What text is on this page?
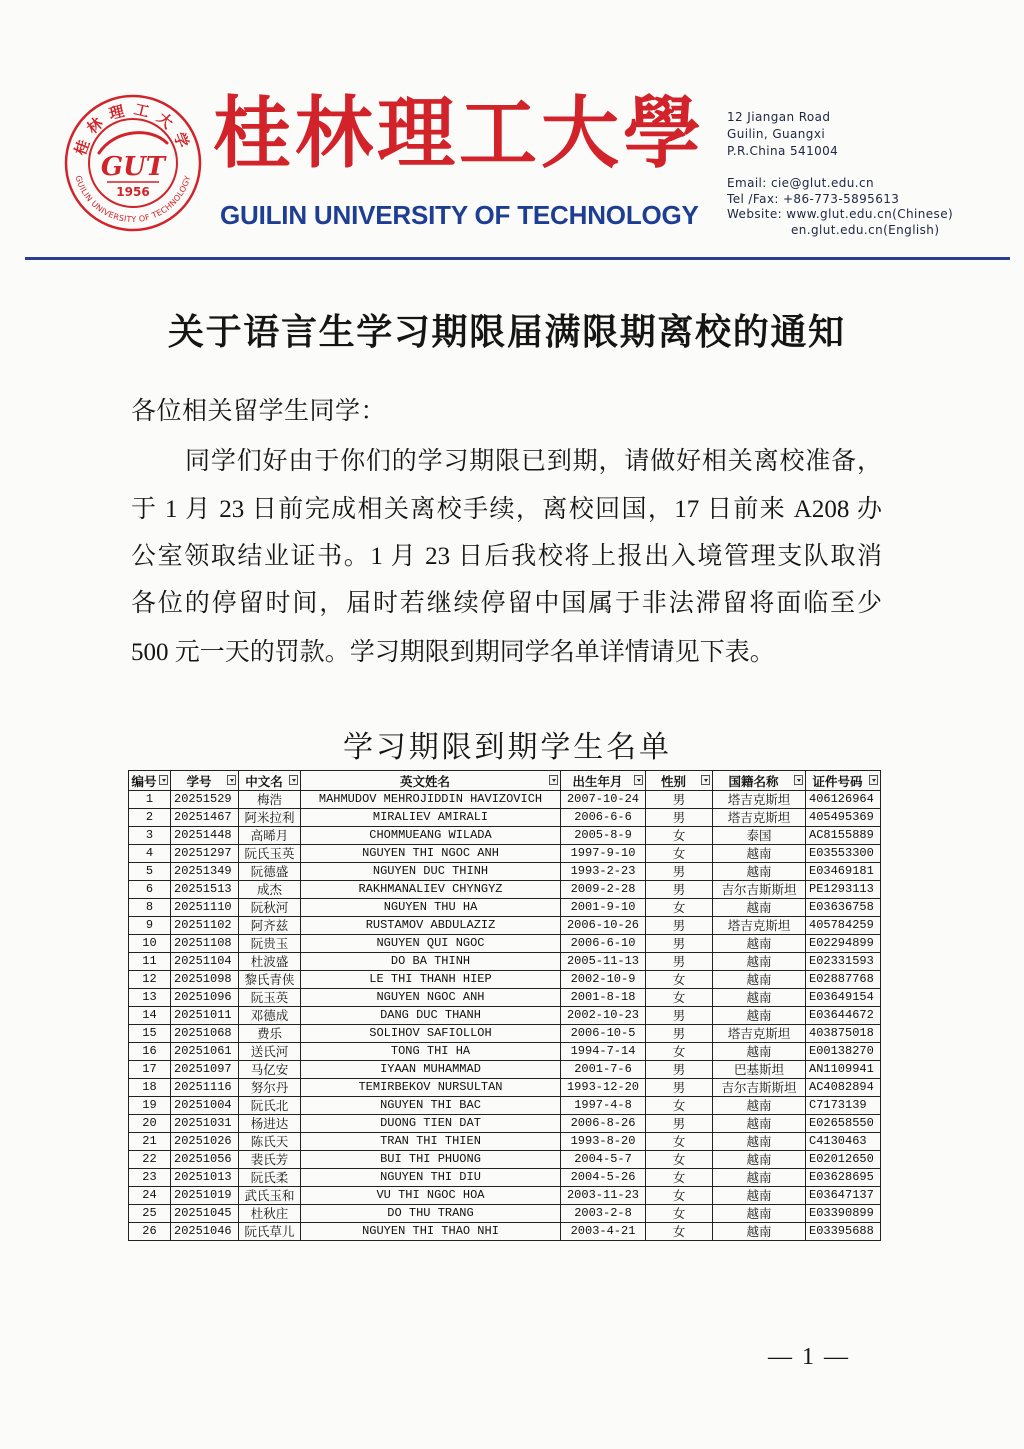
桂林理工大学
GUILIN UNIVERSITY OF TECHNOLOGY
GUT
1956
桂林理工大學
GUILIN UNIVERSITY OF TECHNOLOGY
12 Jiangan Road
Guilin, Guangxi
P.R.China 541004
Email: cie@glut.edu.cn
Tel /Fax: +86-773-5895613
Website: www.glut.edu.cn(Chinese)
en.glut.edu.cn(English)
关于语言生学习期限届满限期离校的通知
各位相关留学生同学：
同学们好由于你们的学习期限已到期，请做好相关离校准备，
于 1 月 23 日前完成相关离校手续，离校回国，17 日前来 A208 办
公室领取结业证书。1 月 23 日后我校将上报出入境管理支队取消
各位的停留时间，届时若继续停留中国属于非法滞留将面临至少
500 元一天的罚款。学习期限到期同学名单详情请见下表。
学习期限到期学生名单
编号	学号	中文名	英文姓名	出生年月	性别	国籍名称	证件号码

1	20251529	梅浩	MAHMUDOV MEHROJIDDIN HAVIZOVICH	2007-10-24	男	塔吉克斯坦	406126964
2	20251467	阿米拉利	MIRALIEV AMIRALI	2006-6-6	男	塔吉克斯坦	405495369
3	20251448	高晞月	CHOMMUEANG WILADA	2005-8-9	女	泰国	AC8155889
4	20251297	阮氏玉英	NGUYEN THI NGOC ANH	1997-9-10	女	越南	E03553300
5	20251349	阮德盛	NGUYEN DUC THINH	1993-2-23	男	越南	E03469181
6	20251513	成杰	RAKHMANALIEV CHYNGYZ	2009-2-28	男	吉尔吉斯斯坦	PE1293113
8	20251110	阮秋河	NGUYEN THU HA	2001-9-10	女	越南	E03636758
9	20251102	阿齐兹	RUSTAMOV ABDULAZIZ	2006-10-26	男	塔吉克斯坦	405784259
10	20251108	阮贵玉	NGUYEN QUI NGOC	2006-6-10	男	越南	E02294899
11	20251104	杜波盛	DO BA THINH	2005-11-13	男	越南	E02331593
12	20251098	黎氏青侠	LE THI THANH HIEP	2002-10-9	女	越南	E02887768
13	20251096	阮玉英	NGUYEN NGOC ANH	2001-8-18	女	越南	E03649154
14	20251011	邓德成	DANG DUC THANH	2002-10-23	男	越南	E03644672
15	20251068	费乐	SOLIHOV SAFIOLLOH	2006-10-5	男	塔吉克斯坦	403875018
16	20251061	送氏河	TONG THI HA	1994-7-14	女	越南	E00138270
17	20251097	马亿安	IYAAN MUHAMMAD	2001-7-6	男	巴基斯坦	AN1109941
18	20251116	努尔丹	TEMIRBEKOV NURSULTAN	1993-12-20	男	吉尔吉斯斯坦	AC4082894
19	20251004	阮氏北	NGUYEN THI BAC	1997-4-8	女	越南	C7173139
20	20251031	杨进达	DUONG TIEN DAT	2006-8-26	男	越南	E02658550
21	20251026	陈氏天	TRAN THI THIEN	1993-8-20	女	越南	C4130463
22	20251056	裴氏芳	BUI THI PHUONG	2004-5-7	女	越南	E02012650
23	20251013	阮氏柔	NGUYEN THI DIU	2004-5-26	女	越南	E03628695
24	20251019	武氏玉和	VU THI NGOC HOA	2003-11-23	女	越南	E03647137
25	20251045	杜秋庄	DO THU TRANG	2003-2-8	女	越南	E03390899
26	20251046	阮氏草儿	NGUYEN THI THAO NHI	2003-4-21	女	越南	E03395688
— 1 —
